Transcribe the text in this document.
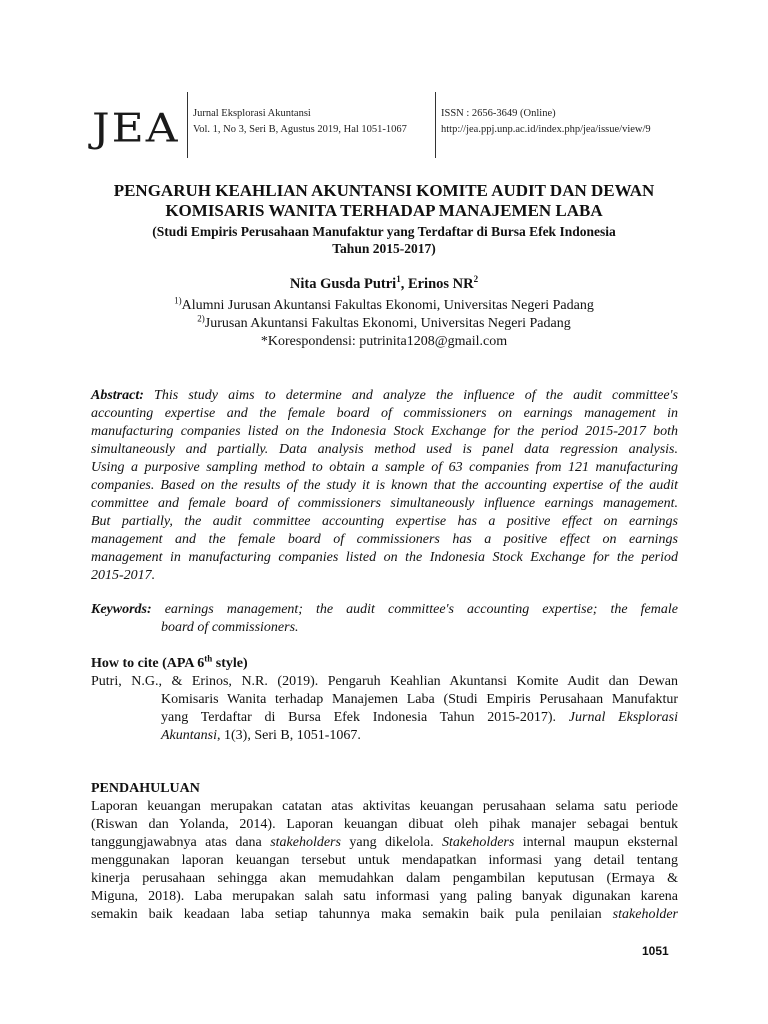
JEA Jurnal Eksplorasi Akuntansi
Vol. 1, No 3, Seri B, Agustus 2019, Hal 1051-1067
ISSN : 2656-3649 (Online)
http://jea.ppj.unp.ac.id/index.php/jea/issue/view/9
PENGARUH KEAHLIAN AKUNTANSI KOMITE AUDIT DAN DEWAN
KOMISARIS WANITA TERHADAP MANAJEMEN LABA
(Studi Empiris Perusahaan Manufaktur yang Terdaftar di Bursa Efek Indonesia
Tahun 2015-2017)
Nita Gusda Putri$^1$, Erinos $NR^2$
$^{1)}$Alumni Jurusan Akuntansi Fakultas Ekonomi, Universitas Negeri Padang
$^{2)}$Jurusan Akuntansi Fakultas Ekonomi, Universitas Negeri Padang
*Korespondensi: putrinita1208@gmail.com
Abstract: This study aims to determine and analyze the influence of the audit committee's
accounting expertise and the female board of commissioners on earnings management in
manufacturing companies listed on the Indonesia Stock Exchange for the period 2015-2017 both
simultaneously and partially. Data analysis method used is panel data regression analysis.
Using a purposive sampling method to obtain a sample of 63 companies from 121 manufacturing
companies. Based on the results of the study it is known that the accounting expertise of the audit
committee and female board of commissioners simultaneously influence earnings management.
But partially, the audit committee accounting expertise has a positive effect on earnings
management and the female board of commissioners has a positive effect on earnings
management in manufacturing companies listed on the Indonesia Stock Exchange for the period
2015-2017.
Keywords: earnings management; the audit committee's accounting expertise; the female
board of commissioners.
How to cite (APA 6th style)
Putri, N.G., & Erinos, N.R. (2019). Pengaruh Keahlian Akuntansi Komite Audit dan Dewan
Komisaris Wanita terhadap Manajemen Laba (Studi Empiris Perusahaan Manufaktur
yang Terdaftar di Bursa Efek Indonesia Tahun 2015-2017). Jurnal Eksplorasi
Akuntansi, 1(3), Seri B, 1051-1067.
PENDAHULUAN
Laporan keuangan merupakan catatan atas aktivitas keuangan perusahaan selama satu periode
(Riswan dan Yolanda, 2014). Laporan keuangan dibuat oleh pihak manajer sebagai bentuk
tanggungjawabnya atas dana stakeholders yang dikelola. Stakeholders internal maupun eksternal
menggunakan laporan keuangan tersebut untuk mendapatkan informasi yang detail tentang
kinerja perusahaan sehingga akan memudahkan dalam pengambilan keputusan (Ermaya &
Miguna, 2018). Laba merupakan salah satu informasi yang paling banyak digunakan karena
semakin baik keadaan laba setiap tahunnya maka semakin baik pula penilaian stakeholder
1051
